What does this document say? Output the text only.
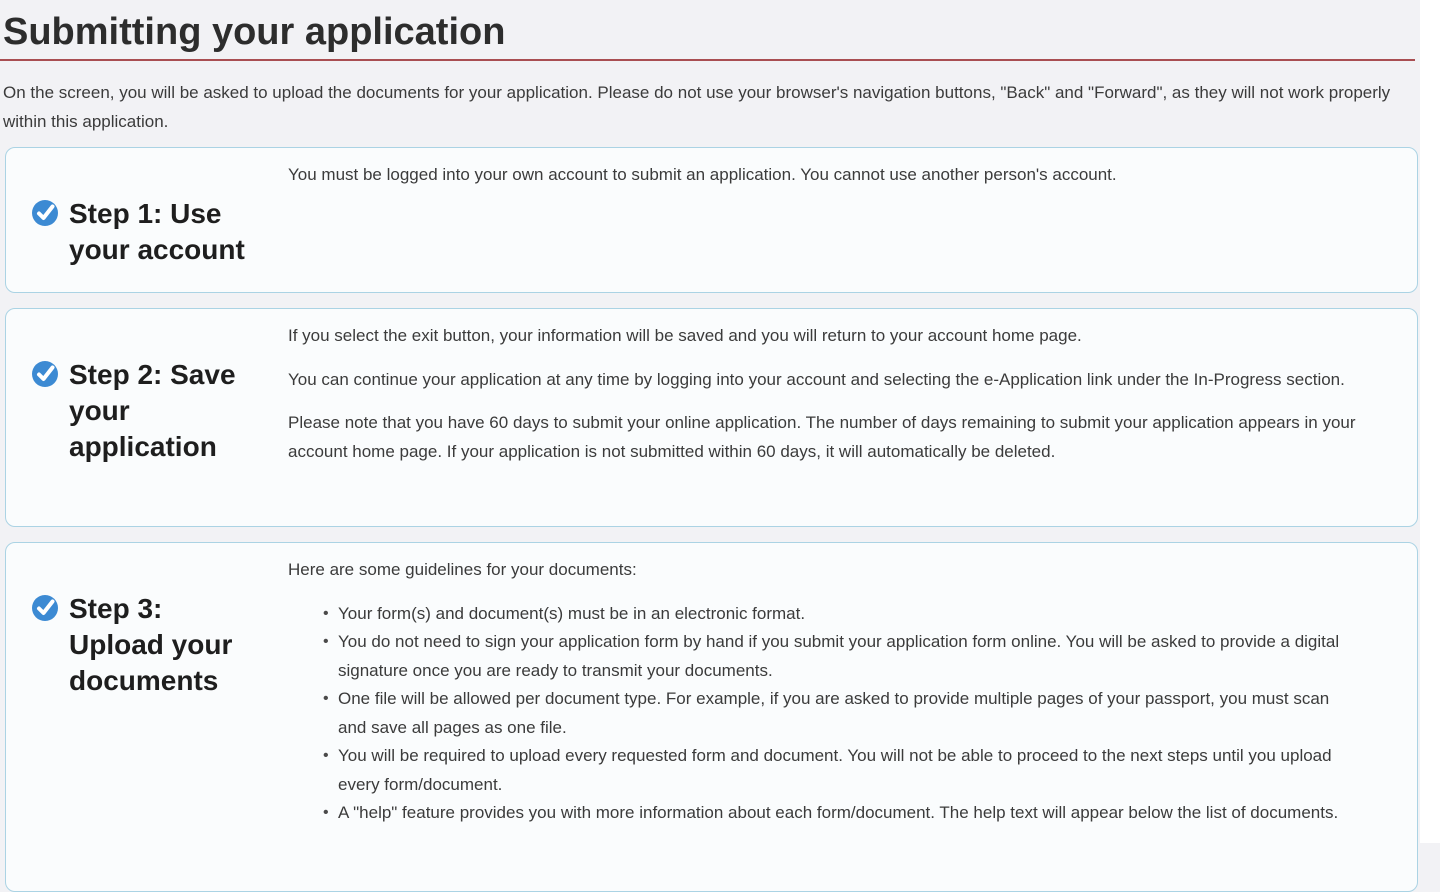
Submitting your application

On the screen, you will be asked to upload the documents for your application. Please do not use your browser's navigation buttons, "Back" and "Forward", as they will not work properly within this application.

Step 1: Use
your account

You must be logged into your own account to submit an application. You cannot use another person's account.

Step 2: Save
your
application

If you select the exit button, your information will be saved and you will return to your account home page.

You can continue your application at any time by logging into your account and selecting the e-Application link under the In-Progress section.

Please note that you have 60 days to submit your online application. The number of days remaining to submit your application appears in your account home page. If your application is not submitted within 60 days, it will automatically be deleted.

Step 3:
Upload your
documents

Here are some guidelines for your documents:

• Your form(s) and document(s) must be in an electronic format.
• You do not need to sign your application form by hand if you submit your application form online. You will be asked to provide a digital signature once you are ready to transmit your documents.
• One file will be allowed per document type. For example, if you are asked to provide multiple pages of your passport, you must scan and save all pages as one file.
• You will be required to upload every requested form and document. You will not be able to proceed to the next steps until you upload every form/document.
• A "help" feature provides you with more information about each form/document. The help text will appear below the list of documents.
